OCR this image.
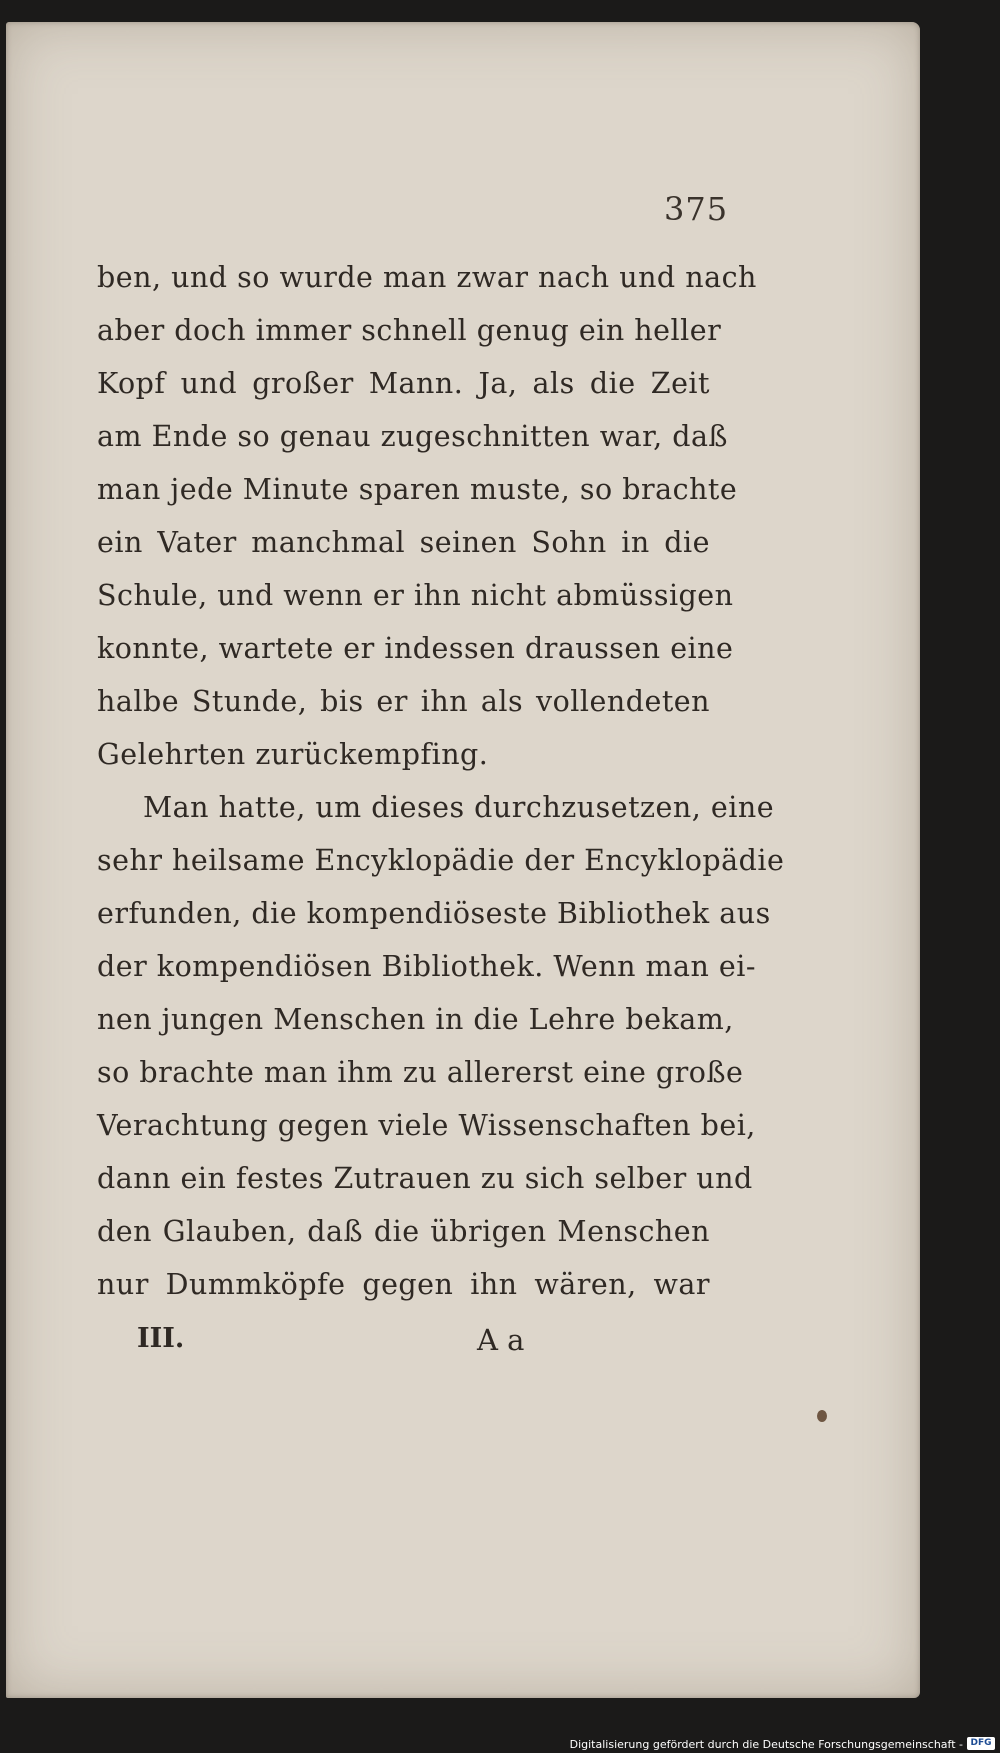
375
ben, und so wurde man zwar nach und nach
aber doch immer schnell genug ein heller
Kopf und großer Mann. Ja, als die Zeit
am Ende so genau zugeschnitten war, daß
man jede Minute sparen muste, so brachte
ein Vater manchmal seinen Sohn in die
Schule, und wenn er ihn nicht abmüssigen
konnte, wartete er indessen draussen eine
halbe Stunde, bis er ihn als vollendeten
Gelehrten zurückempfing.
Man hatte, um dieses durchzusetzen, eine
sehr heilsame Encyklopädie der Encyklopädie
erfunden, die kompendiöseste Bibliothek aus
der kompendiösen Bibliothek. Wenn man ei-
nen jungen Menschen in die Lehre bekam,
so brachte man ihm zu allererst eine große
Verachtung gegen viele Wissenschaften bei,
dann ein festes Zutrauen zu sich selber und
den Glauben, daß die übrigen Menschen
nur Dummköpfe gegen ihn wären, war
III.	A a
Digitalisierung gefördert durch die Deutsche Forschungsgemeinschaft - DFG
